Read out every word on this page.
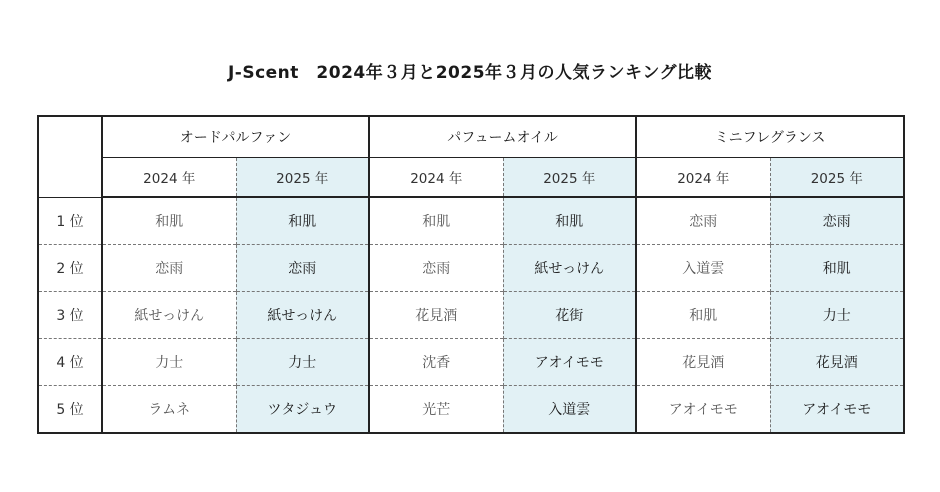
J-Scent　2024年３月と2025年３月の人気ランキング比較
	オードパルファン		パフュームオイル		ミニフレグランス	
	2024 年	2025 年	2024 年	2025 年	2024 年	2025 年
1 位	和肌	和肌	和肌	和肌	恋雨	恋雨
2 位	恋雨	恋雨	恋雨	紙せっけん	入道雲	和肌
3 位	紙せっけん	紙せっけん	花見酒	花街	和肌	力士
4 位	力士	力士	沈香	アオイモモ	花見酒	花見酒
5 位	ラムネ	ツタジュウ	光芒	入道雲	アオイモモ	アオイモモ
